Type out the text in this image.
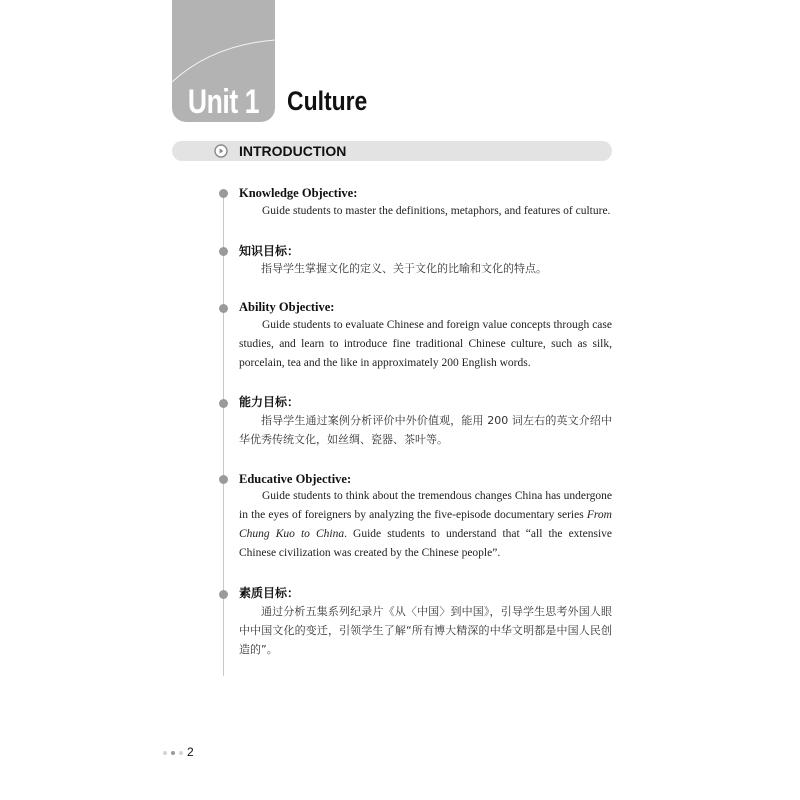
Unit 1 Culture
INTRODUCTION
Knowledge Objective:

Guide students to master the definitions, metaphors, and features of culture.

知识目标：

指导学生掌握文化的定义、关于文化的比喻和文化的特点。

Ability Objective:

Guide students to evaluate Chinese and foreign value concepts through case studies, and learn to introduce fine traditional Chinese culture, such as silk, porcelain, tea and the like in approximately 200 English words.

能力目标：

指导学生通过案例分析评价中外价值观，能用 200 词左右的英文介绍中华优秀传统文化，如丝绸、瓷器、茶叶等。

Educative Objective:

Guide students to think about the tremendous changes China has undergone in the eyes of foreigners by analyzing the five-episode documentary series From Chung Kuo to China. Guide students to understand that “all the extensive Chinese civilization was created by the Chinese people”.

素质目标：

通过分析五集系列纪录片《从〈中国〉到中国》，引导学生思考外国人眼中中国文化的变迁，引领学生了解“所有博大精深的中华文明都是中国人民创造的”。

2
